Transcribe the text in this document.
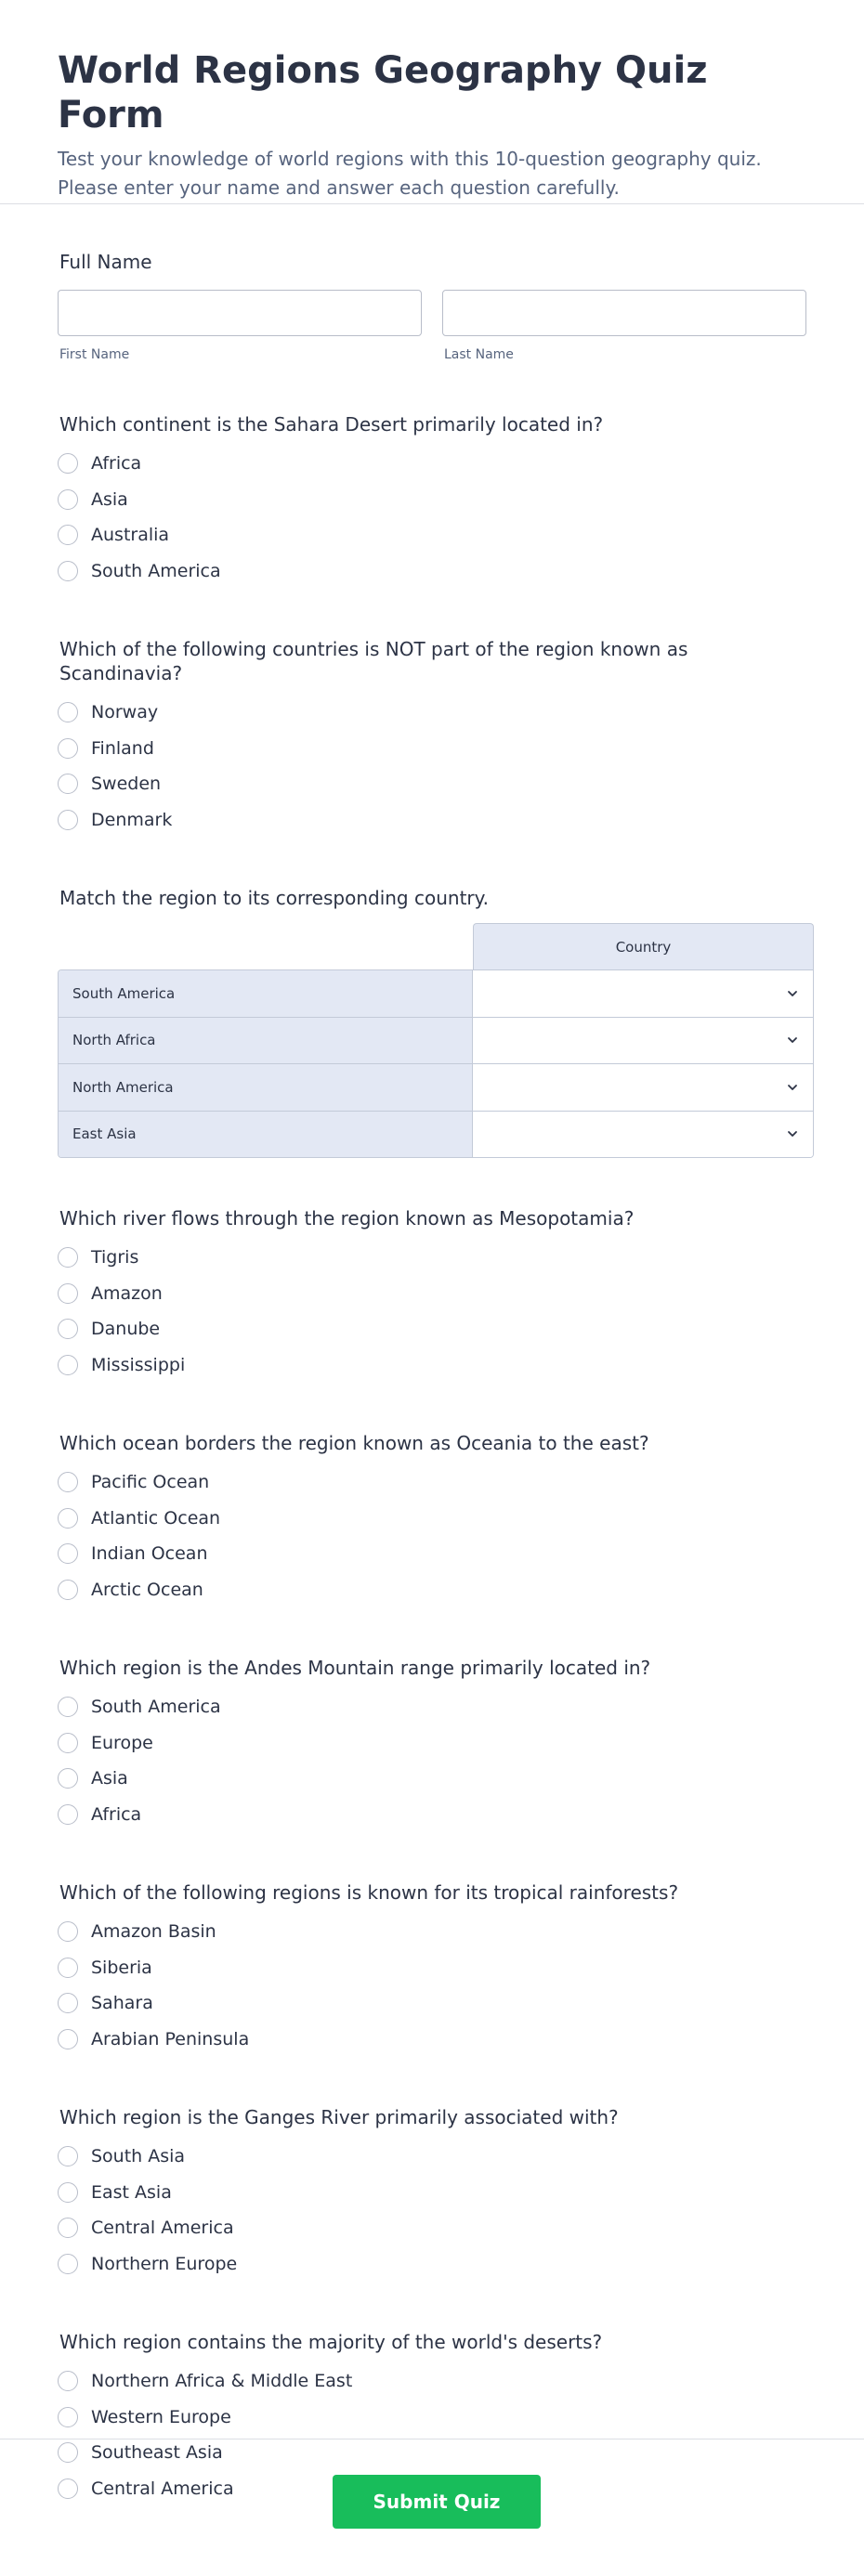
World Regions Geography Quiz Form
Test your knowledge of world regions with this 10-question geography quiz. Please enter your name and answer each question carefully.
Full Name
First Name	Last Name
Which continent is the Sahara Desert primarily located in?
Africa
Asia
Australia
South America
Which of the following countries is NOT part of the region known as Scandinavia?
Norway
Finland
Sweden
Denmark
Match the region to its corresponding country.
Country
South America
North Africa
North America
East Asia
Which river flows through the region known as Mesopotamia?
Tigris
Amazon
Danube
Mississippi
Which ocean borders the region known as Oceania to the east?
Pacific Ocean
Atlantic Ocean
Indian Ocean
Arctic Ocean
Which region is the Andes Mountain range primarily located in?
South America
Europe
Asia
Africa
Which of the following regions is known for its tropical rainforests?
Amazon Basin
Siberia
Sahara
Arabian Peninsula
Which region is the Ganges River primarily associated with?
South Asia
East Asia
Central America
Northern Europe
Which region contains the majority of the world's deserts?
Northern Africa & Middle East
Western Europe
Southeast Asia
Central America
Submit Quiz
